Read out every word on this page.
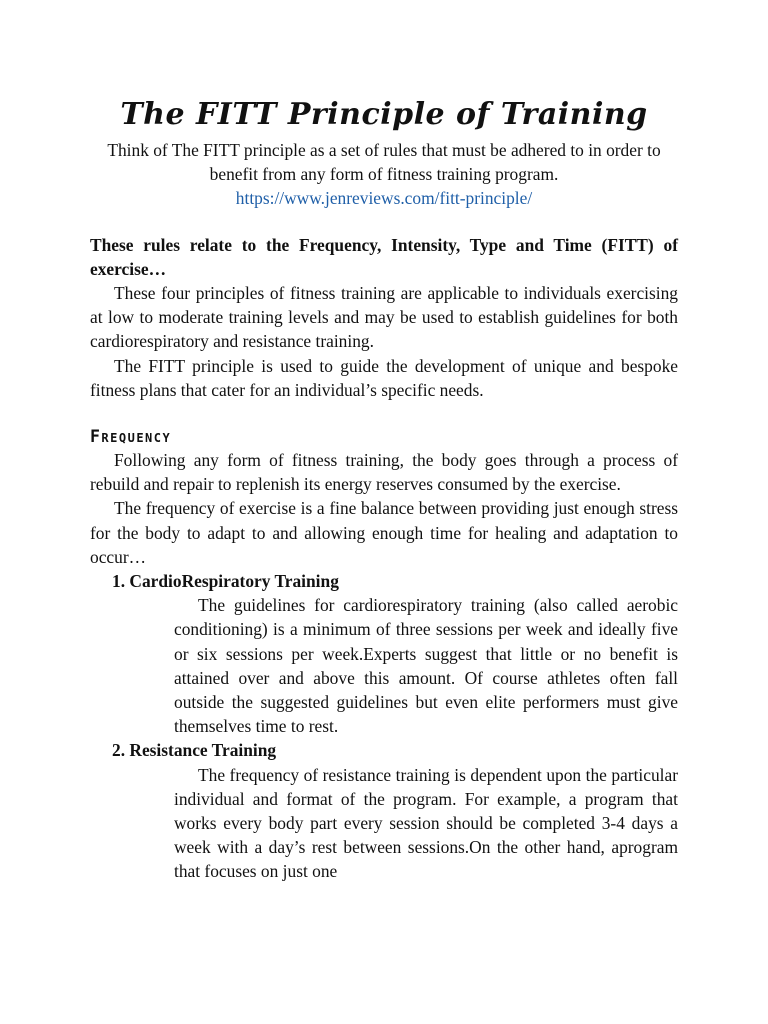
The FITT Principle of Training

Think of The FITT principle as a set of rules that must be adhered to in order to benefit from any form of fitness training program.

https://www.jenreviews.com/fitt-principle/

These rules relate to the Frequency, Intensity, Type and Time (FITT) of exercise…

These four principles of fitness training are applicable to individuals exercising at low to moderate training levels and may be used to establish guidelines for both cardiorespiratory and resistance training.

The FITT principle is used to guide the development of unique and bespoke fitness plans that cater for an individual’s specific needs.

Frequency

Following any form of fitness training, the body goes through a process of rebuild and repair to replenish its energy reserves consumed by the exercise.

The frequency of exercise is a fine balance between providing just enough stress for the body to adapt to and allowing enough time for healing and adaptation to occur…

1. CardioRespiratory Training

The guidelines for cardiorespiratory training (also called aerobic conditioning) is a minimum of three sessions per week and ideally five or six sessions per week.Experts suggest that little or no benefit is attained over and above this amount. Of course athletes often fall outside the suggested guidelines but even elite performers must give themselves time to rest.

2. Resistance Training

The frequency of resistance training is dependent upon the particular individual and format of the program. For example, a program that works every body part every session should be completed 3-4 days a week with a day’s rest between sessions.On the other hand, aprogram that focuses on just one
